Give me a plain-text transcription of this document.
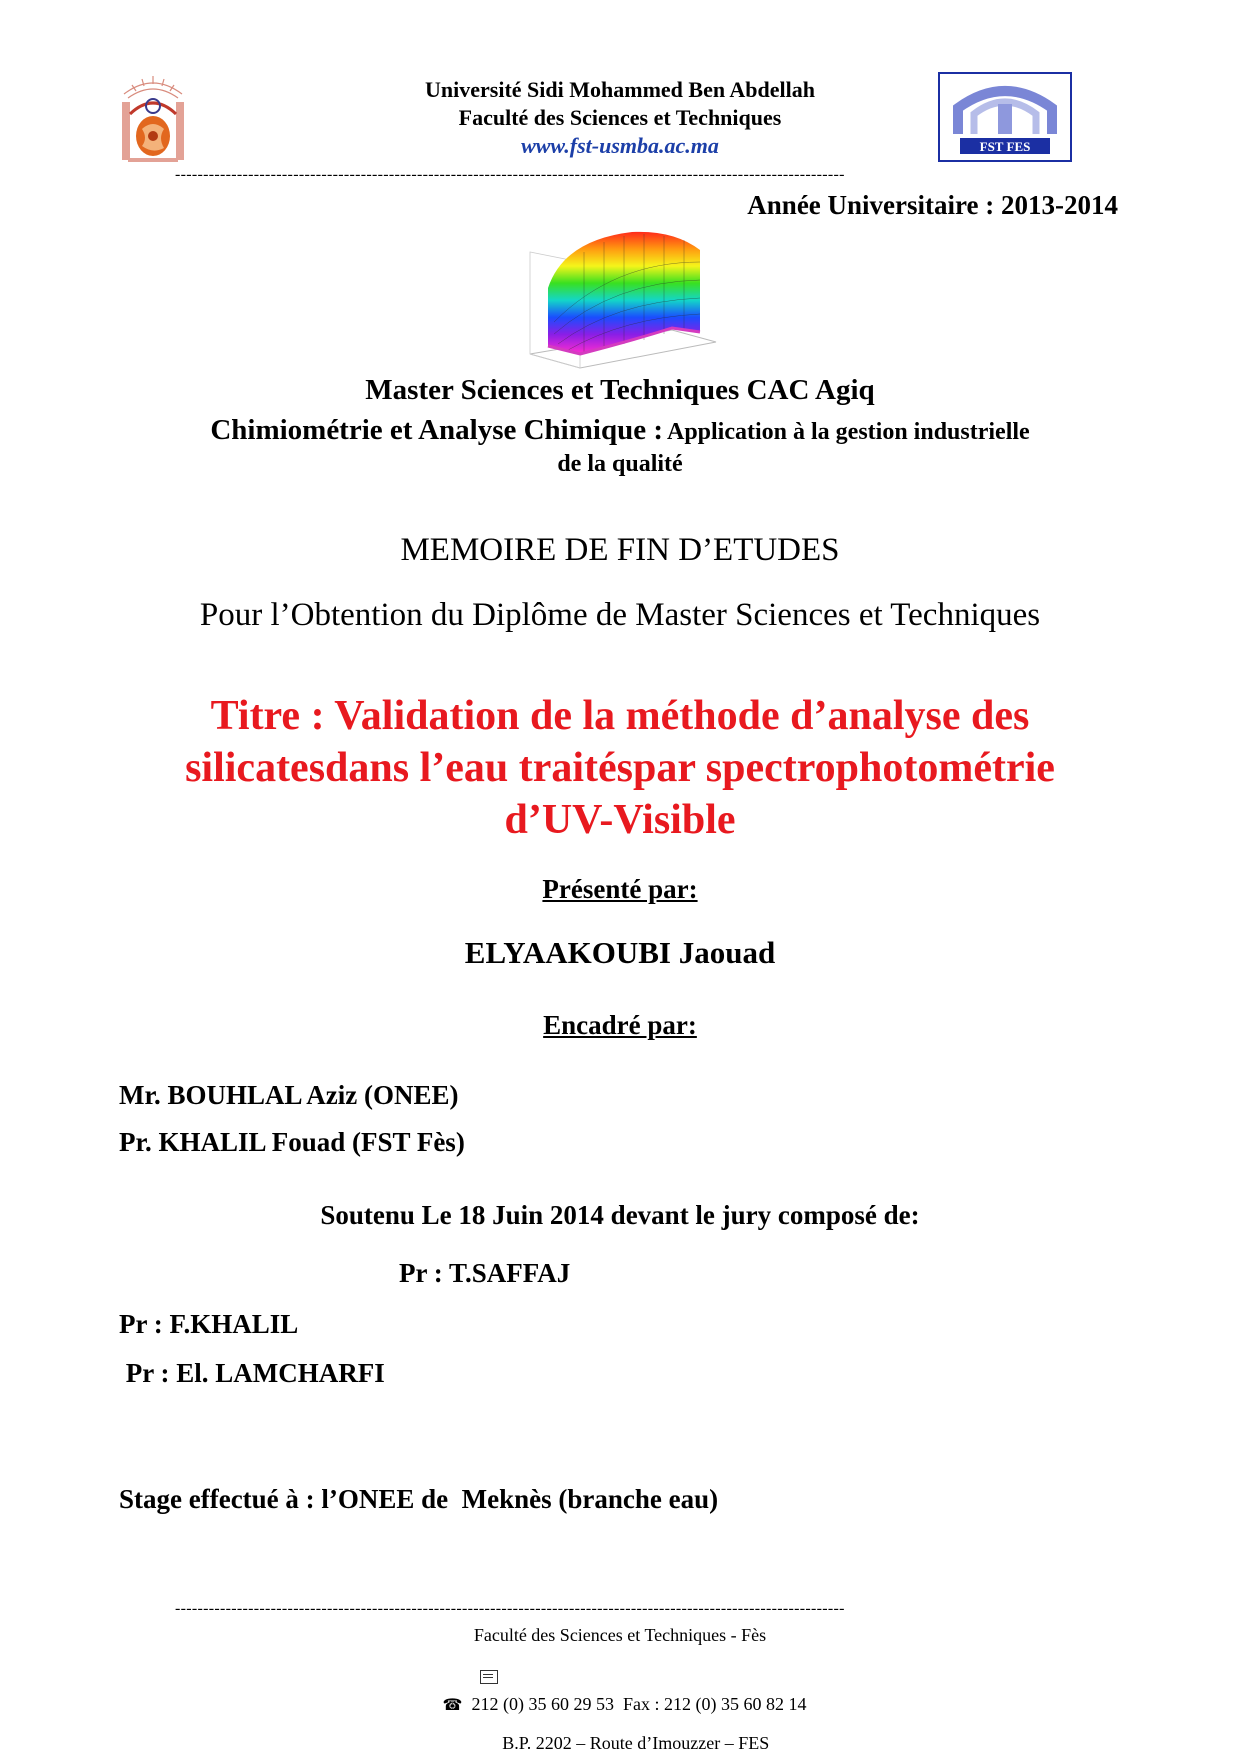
FST FES
Université Sidi Mohammed Ben Abdellah
Faculté des Sciences et Techniques
www.fst-usmba.ac.ma
-----------------------------------------------------------------------------------------------------------------------
Année Universitaire : 2013-2014
Master Sciences et Techniques CAC Agiq
Chimiométrie et Analyse Chimique : Application à la gestion industrielle
de la qualité
MEMOIRE DE FIN D’ETUDES
Pour l’Obtention du Diplôme de Master Sciences et Techniques
Titre : Validation de la méthode d’analyse des
silicatesdans l’eau traitéspar spectrophotométrie
d’UV-Visible
Présenté par:
ELYAAKOUBI Jaouad
Encadré par:
Mr. BOUHLAL Aziz (ONEE)
Pr. KHALIL Fouad (FST Fès)
Soutenu Le 18 Juin 2014 devant le jury composé de:
Pr : T.SAFFAJ
Pr : F.KHALIL
Pr : El. LAMCHARFI
Stage effectué à : l’ONEE de  Meknès (branche eau)
-----------------------------------------------------------------------------------------------------------------------
Faculté des Sciences et Techniques - Fès

B.P. 2202 – Route d’Imouzzer – FES

☎  212 (0) 35 60 29 53  Fax : 212 (0) 35 60 82 14
